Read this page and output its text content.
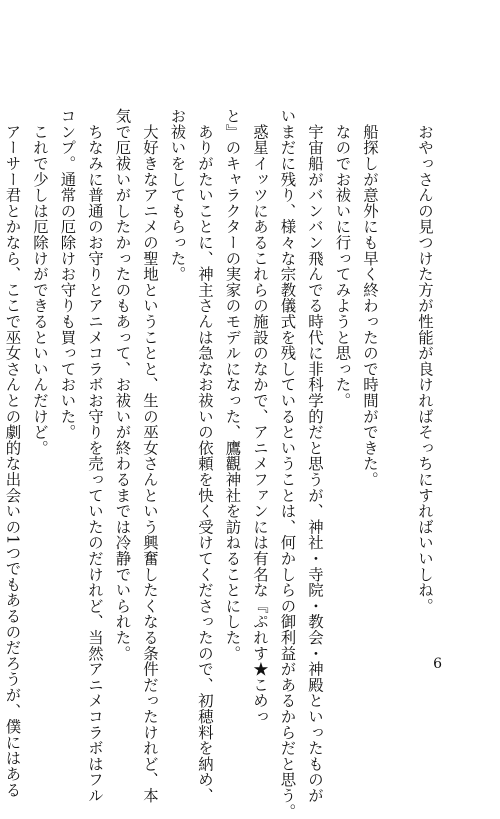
　おやっさんの見つけた方が性能が良ければそっちにすればいいしね。

　船探しが意外にも早く終わったので時間ができた。
　なのでお祓いに行ってみようと思った。
　宇宙船がバンバン飛んでる時代に非科学的だと思うが、神社・寺院・教会・神殿といったものが
いまだに残り、様々な宗教儀式を残しているということは、何かしらの御利益があるからだと思う。
　惑星イッツにあるこれらの施設のなかで、アニメファンには有名な『ぷれす★こめっ
と』のキャラクターの実家のモデルになった、鷹觀神社を訪ねることにした。
　ありがたいことに、神主さんは急なお祓いの依頼を快く受けてくださったので、初穂料を納め、
お祓いをしてもらった。
　大好きなアニメの聖地ということと、生の巫女さんという興奮したくなる条件だったけれど、本
気で厄祓いがしたかったのもあって、お祓いが終わるまでは冷静でいられた。
　ちなみに普通のお守りとアニメコラボお守りを売っていたのだけれど、当然アニメコラボはフル
コンプ。通常の厄除けお守りも買っておいた。
　これで少しは厄除けができるといいんだけど。
　アーサー君とかなら、ここで巫女さんとの劇的な出会いの1つでもあるのだろうが、僕にはある	6
